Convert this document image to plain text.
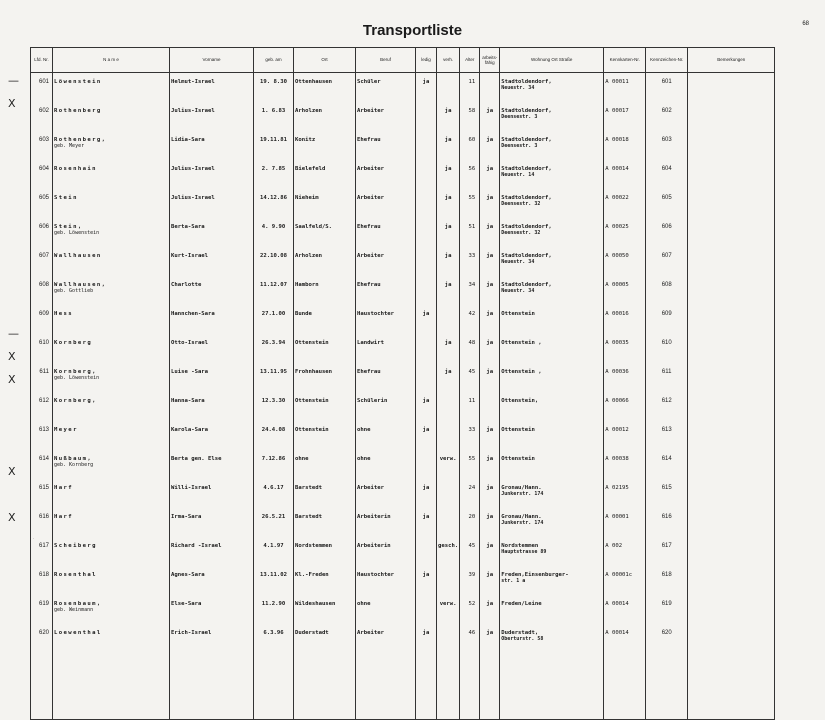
Transportliste	68
Lfd. Nr.	N a m e	Vorname	geb. am	Ort	Beruf	ledig	verh.	Alter	arbeits-fähig	Wohnung Ort Straße	Kennkarten-Nr.	Kennzeichen-Nr.	Bemerkungen
601	Löwenstein	Helmut-Israel	19. 8.30	Ottenhausen	Schüler	ja		11		Stadtoldendorf,
Neuestr. 34	A 00011	601	
602	Rothenberg	Julius-Israel	1. 6.83	Arholzen	Arbeiter		ja	58	ja	Stadtoldendorf,
Deensestr. 3	A 00017	602	
603	Rothenberg,
geb. Meyer	Lidia-Sara	19.11.81	Konitz	Ehefrau		ja	60	ja	Stadtoldendorf,
Deensestr. 3	A 00018	603	
604	Rosenhain	Julius-Israel	2. 7.85	Bielefeld	Arbeiter		ja	56	ja	Stadtoldendorf,
Neuestr. 14	A 00014	604	
605	Stein	Julius-Israel	14.12.86	Nieheim	Arbeiter		ja	55	ja	Stadtoldendorf,
Deensestr. 32	A 00022	605	
606	Stein,
geb. Löwenstein	Berta-Sara	4. 9.90	Saalfeld/S.	Ehefrau		ja	51	ja	Stadtoldendorf,
Deensestr. 32	A 00025	606	
607	Wallhausen	Kurt-Israel	22.10.08	Arholzen	Arbeiter		ja	33	ja	Stadtoldendorf,
Neuestr. 34	A 00050	607	
608	Wallhausen,
geb. Gottlieb	Charlotte	11.12.07	Hamborn	Ehefrau		ja	34	ja	Stadtoldendorf,
Neuestr. 34	A 00005	608	
609	Hess	Hannchen-Sara	27.1.00	Bunde	Haustochter	ja		42	ja	Ottenstein	A 00016	609	
610	Kornberg	Otto-Israel	26.3.94	Ottenstein	Landwirt		ja	48	ja	Ottenstein ,	A 00035	610	
611	Kornberg,
geb. Löwenstein	Luise -Sara	13.11.95	Frohnhausen	Ehefrau		ja	45	ja	Ottenstein ,	A 00036	611	
612	Kornberg,	Hanna-Sara	12.3.30	Ottenstein	Schülerin	ja		11		Ottenstein,	A 00066	612	
613	Meyer	Karola-Sara	24.4.08	Ottenstein	ohne	ja		33	ja	Ottenstein	A 00012	613	
614	Nußbaum,
geb. Kornberg	Berta gen. Else	7.12.86	ohne	ohne		verw.	55	ja	Ottenstein	A 00038	614	
615	Harf	Willi-Israel	4.6.17	Barstedt	Arbeiter	ja		24	ja	Gronau/Hann.
Junkerstr. 174	A 02195	615	
616	Harf	Irma-Sara	26.5.21	Barstedt	Arbeiterin	ja		20	ja	Gronau/Hann.
Junkerstr. 174	A 00001	616	
617	Scheiberg	Richard -Israel	4.1.97	Nordstemmen	Arbeiterin		gesch.	45	ja	Nordstemmen
Hauptstrasse 89	A 002	617	
618	Rosenthal	Agnes-Sara	13.11.02	Kl.-Freden	Haustochter	ja		39	ja	Freden,Einsenburger-
str. 1 a	A 00001c	618	
619	Rosenbaum,
geb. Weinmann	Else-Sara	11.2.90	Wildeshausen	ohne		verw.	52	ja	Freden/Leine	A 00014	619	
620	Loewenthal	Erich-Israel	6.3.96	Duderstadt	Arbeiter	ja		46	ja	Duderstadt,
Oberturstr. 58	A 00014	620	

·
—
X
—
X
X
X
X
